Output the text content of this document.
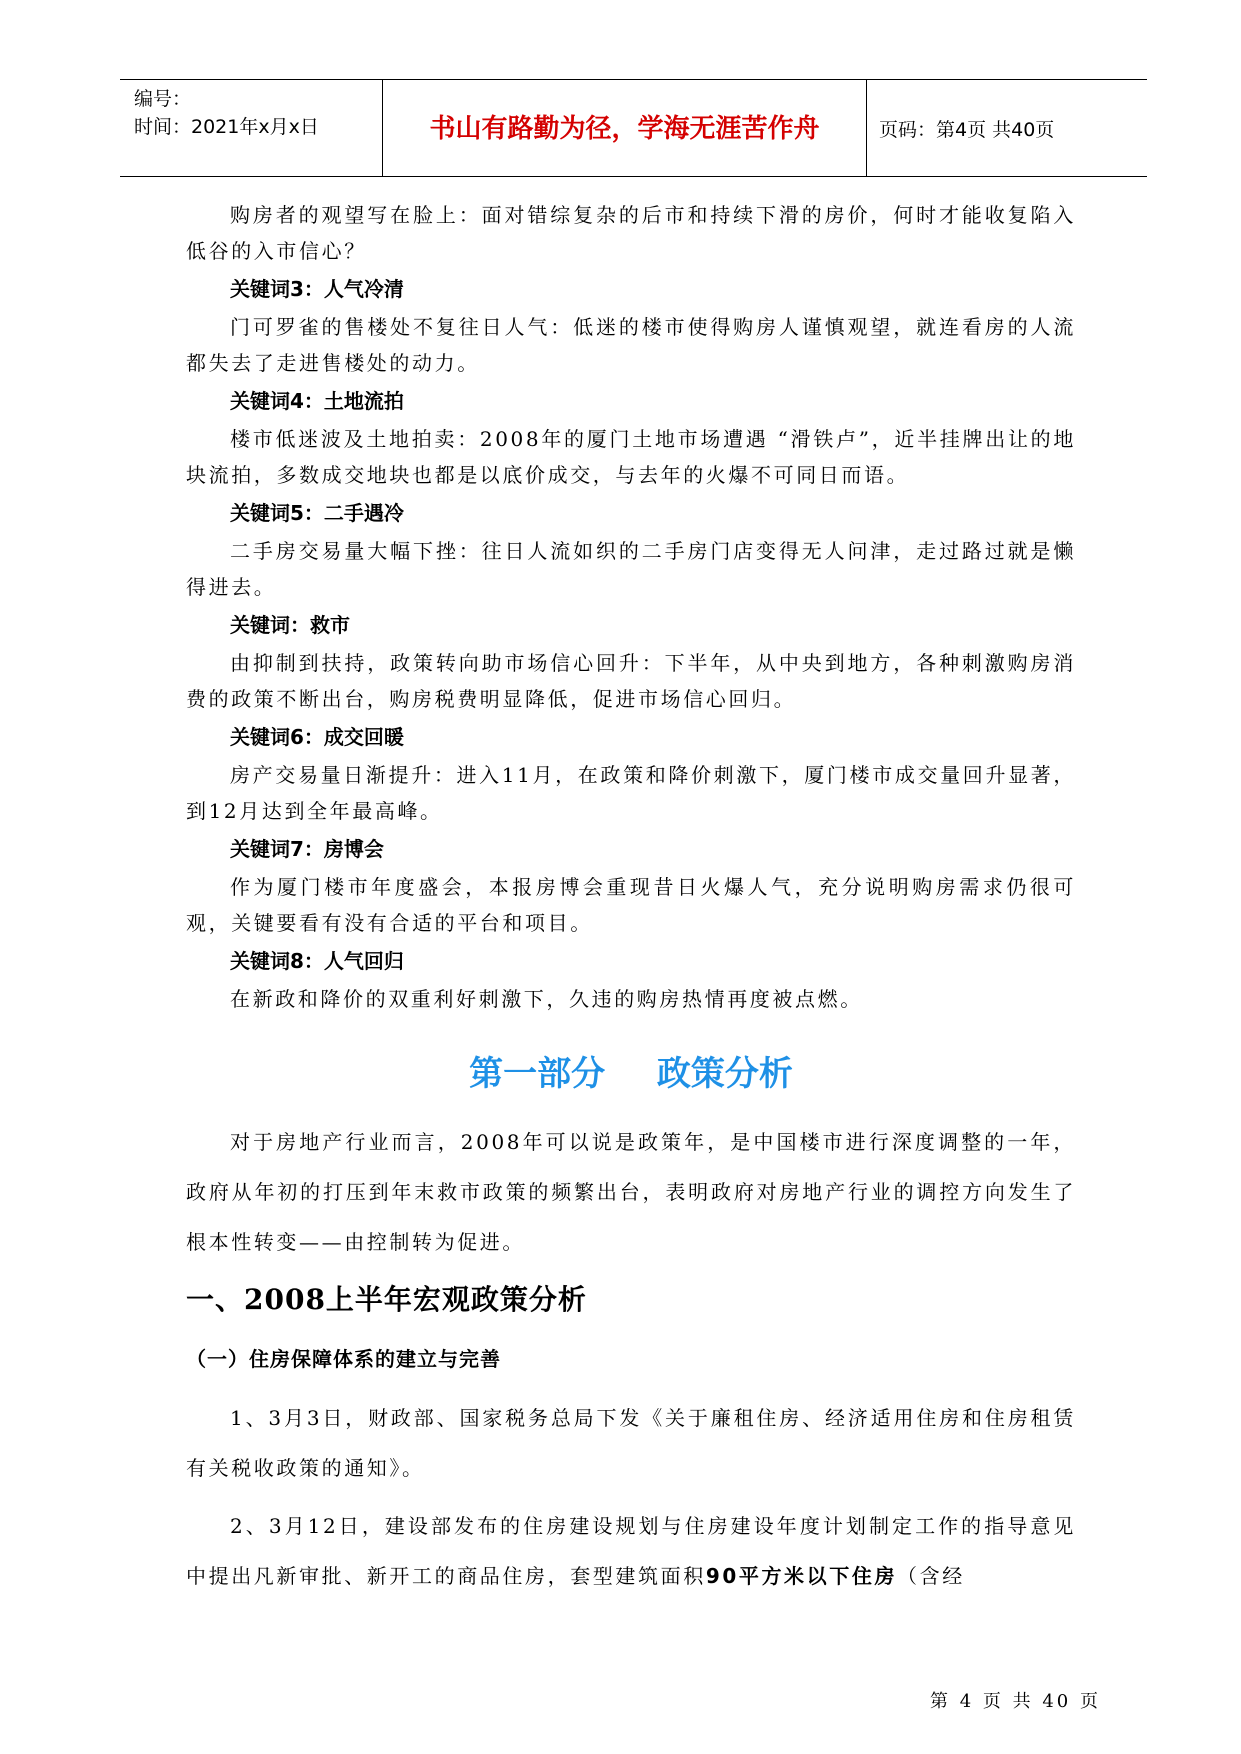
编号：
时间：2021年x月x日	书山有路勤为径，学海无涯苦作舟	页码：第4页 共40页

购房者的观望写在脸上：面对错综复杂的后市和持续下滑的房价，何时才能收复陷入低谷的入市信心？

关键词3：人气冷清

门可罗雀的售楼处不复往日人气：低迷的楼市使得购房人谨慎观望，就连看房的人流都失去了走进售楼处的动力。

关键词4：土地流拍

楼市低迷波及土地拍卖：2008年的厦门土地市场遭遇 “滑铁卢”，近半挂牌出让的地块流拍，多数成交地块也都是以底价成交，与去年的火爆不可同日而语。

关键词5：二手遇冷

二手房交易量大幅下挫：往日人流如织的二手房门店变得无人问津，走过路过就是懒得进去。

关键词：救市

由抑制到扶持，政策转向助市场信心回升：下半年，从中央到地方，各种刺激购房消费的政策不断出台，购房税费明显降低，促进市场信心回归。

关键词6：成交回暖

房产交易量日渐提升：进入11月，在政策和降价刺激下，厦门楼市成交量回升显著，到12月达到全年最高峰。

关键词7：房博会

作为厦门楼市年度盛会，本报房博会重现昔日火爆人气，充分说明购房需求仍很可观，关键要看有没有合适的平台和项目。

关键词8：人气回归

在新政和降价的双重利好刺激下，久违的购房热情再度被点燃。

第一部分 政策分析

对于房地产行业而言，2008年可以说是政策年，是中国楼市进行深度调整的一年，政府从年初的打压到年末救市政策的频繁出台，表明政府对房地产行业的调控方向发生了根本性转变——由控制转为促进。

一、2008上半年宏观政策分析
（一）住房保障体系的建立与完善

1、3月3日，财政部、国家税务总局下发《关于廉租住房、经济适用住房和住房租赁有关税收政策的通知》。

2、3月12日，建设部发布的住房建设规划与住房建设年度计划制定工作的指导意见中提出凡新审批、新开工的商品住房，套型建筑面积90平方米以下住房（含经

第 4 页 共 40 页
